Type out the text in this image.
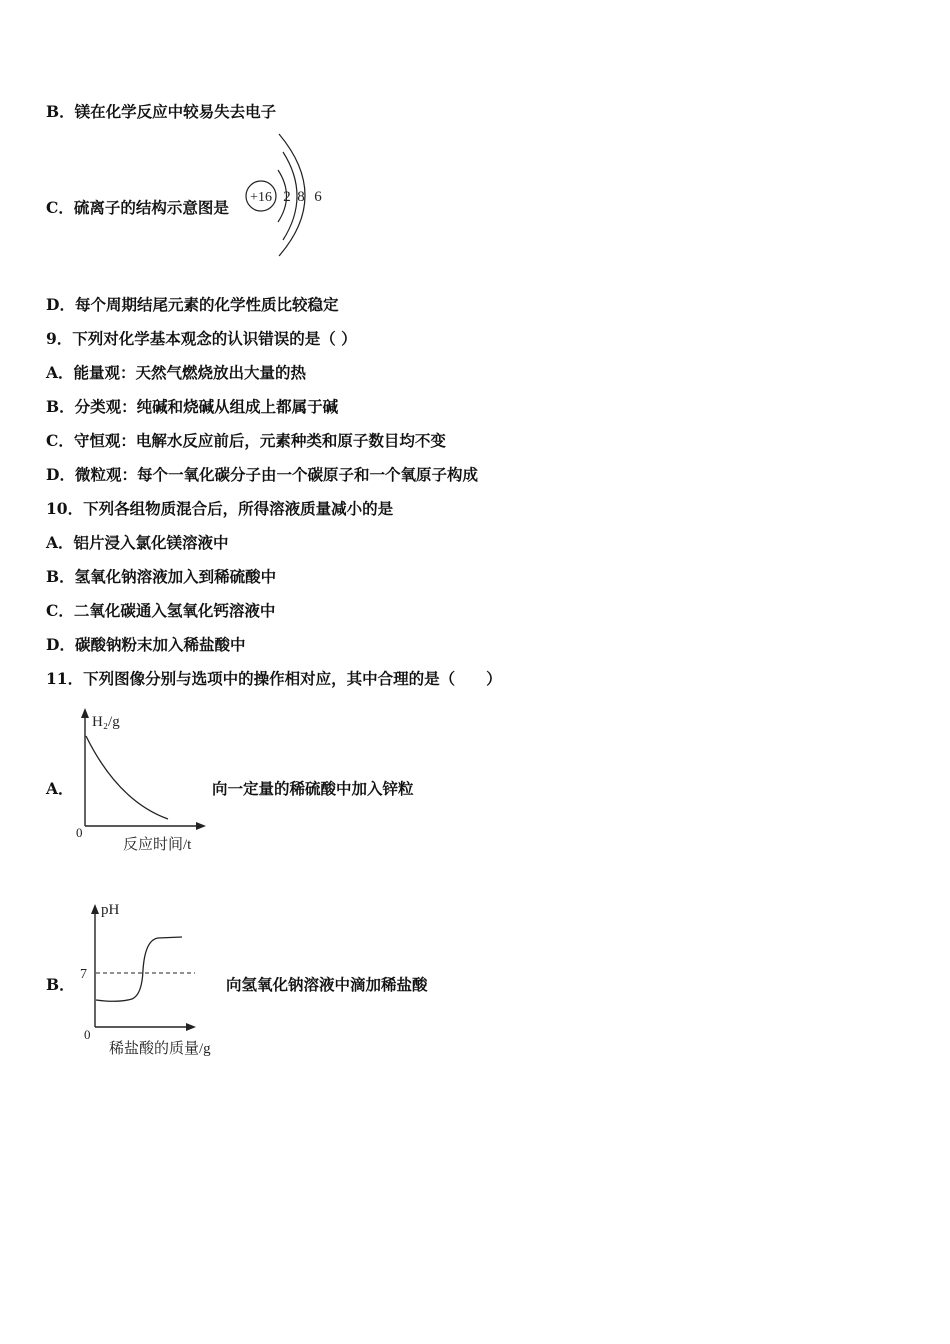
B．镁在化学反应中较易失去电子
C．硫离子的结构示意图是
+16 2 8 6
D．每个周期结尾元素的化学性质比较稳定
9．下列对化学基本观念的认识错误的是（ ）
A．能量观：天然气燃烧放出大量的热
B．分类观：纯碱和烧碱从组成上都属于碱
C．守恒观：电解水反应前后，元素种类和原子数目均不变
D．微粒观：每个一氧化碳分子由一个碳原子和一个氧原子构成
10．下列各组物质混合后，所得溶液质量减小的是
A．铝片浸入氯化镁溶液中
B．氢氧化钠溶液加入到稀硫酸中
C．二氧化碳通入氢氧化钙溶液中
D．碳酸钠粉末加入稀盐酸中
11．下列图像分别与选项中的操作相对应，其中合理的是（　　）
A．
H₂/g
0
反应时间/t
向一定量的稀硫酸中加入锌粒
B．
pH
7
0
稀盐酸的质量/g
向氢氧化钠溶液中滴加稀盐酸
